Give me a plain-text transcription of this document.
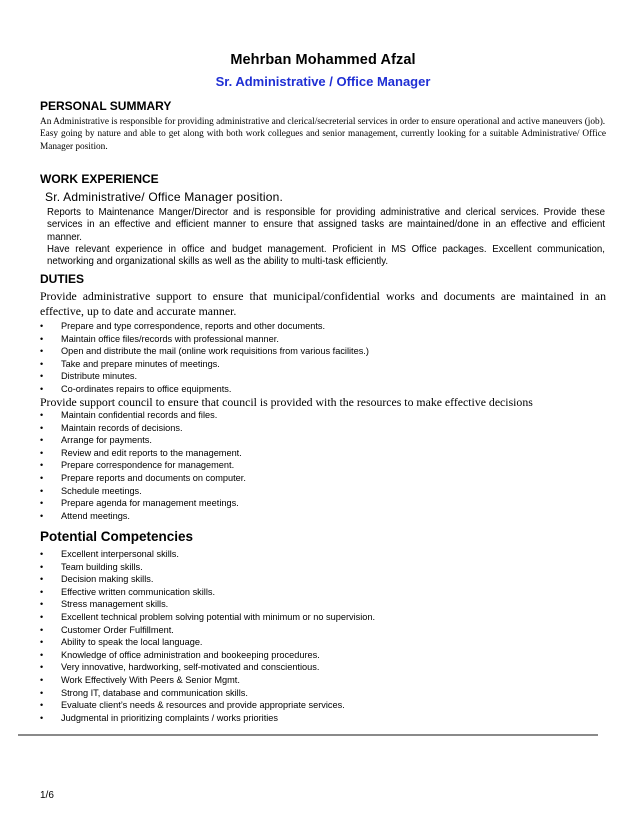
Mehrban Mohammed Afzal
Sr. Administrative / Office Manager
PERSONAL SUMMARY

An Administrative is responsible for providing administrative and clerical/secreterial services in order to ensure operational and active maneuvers (job).

Easy going by nature and able to get along with both work collegues and senior management, currently looking for a suitable Administrative/ Office Manager position.

WORK EXPERIENCE
Sr. Administrative/ Office Manager position.

Reports to Maintenance Manger/Director and is responsible for providing administrative and clerical services. Provide these services in an effective and efficient manner to ensure that assigned tasks are maintained/done in an effective and efficient manner.

Have relevant experience in office and budget management. Proficient in MS Office packages. Excellent communication, networking and organizational skills as well as the ability to multi-task efficiently.

DUTIES
Provide administrative support to ensure that municipal/confidential works and documents are maintained in an effective, up to date and accurate manner.
• Prepare and type correspondence, reports and other documents.
• Maintain office files/records with professional manner.
• Open and distribute the mail (online work requisitions from various facilites.)
• Take and prepare minutes of meetings.
• Distribute minutes.
• Co-ordinates repairs to office equipments.
Provide support council to ensure that council is provided with the resources to make effective decisions
• Maintain confidential records and files.
• Maintain records of decisions.
• Arrange for payments.
• Review and edit reports to the management.
• Prepare correspondence for management.
• Prepare reports and documents on computer.
• Schedule meetings.
• Prepare agenda for management meetings.
• Attend meetings.
Potential Competencies
• Excellent interpersonal skills.
• Team building skills.
• Decision making skills.
• Effective written communication skills.
• Stress management skills.
• Excellent technical problem solving potential with minimum or no supervision.
• Customer Order Fulfillment.
• Ability to speak the local language.
• Knowledge of office administration and bookeeping procedures.
• Very innovative, hardworking, self-motivated and conscientious.
• Work Effectively With Peers & Senior Mgmt.
• Strong IT, database and communication skills.
• Evaluate client’s needs & resources and provide appropriate services.
• Judgmental in prioritizing complaints / works priorities
1/6
